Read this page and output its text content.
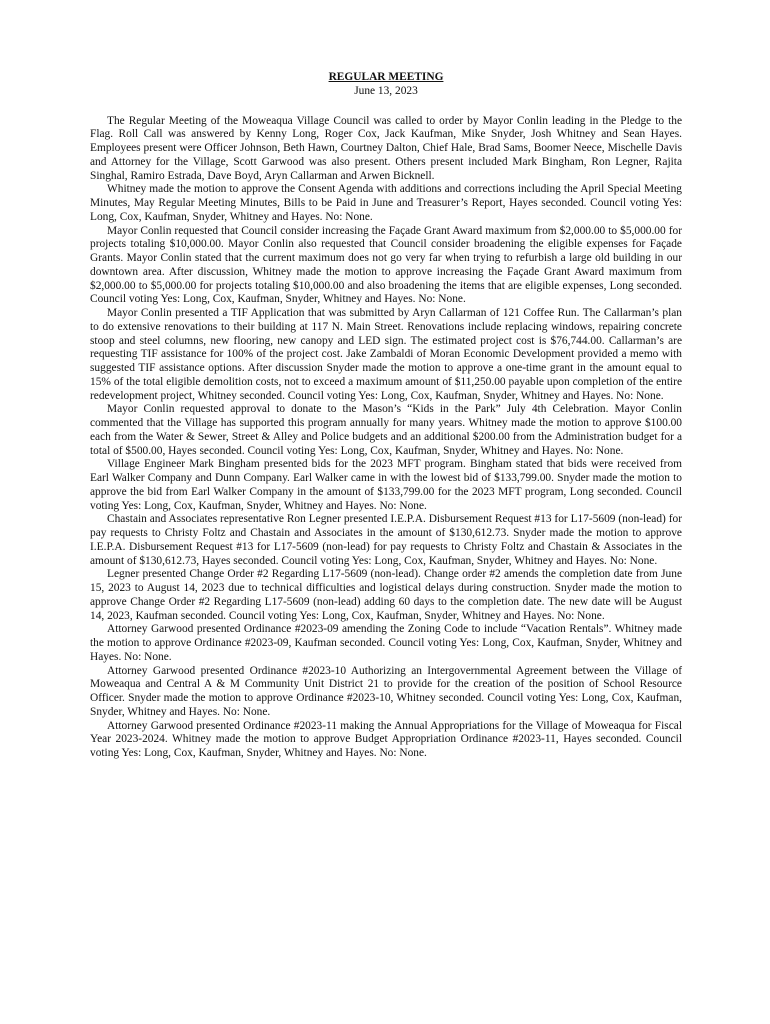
REGULAR MEETING

June 13, 2023

The Regular Meeting of the Moweaqua Village Council was called to order by Mayor Conlin leading in the Pledge to the Flag. Roll Call was answered by Kenny Long, Roger Cox, Jack Kaufman, Mike Snyder, Josh Whitney and Sean Hayes. Employees present were Officer Johnson, Beth Hawn, Courtney Dalton, Chief Hale, Brad Sams, Boomer Neece, Mischelle Davis and Attorney for the Village, Scott Garwood was also present. Others present included Mark Bingham, Ron Legner, Rajita Singhal, Ramiro Estrada, Dave Boyd, Aryn Callarman and Arwen Bicknell.

Whitney made the motion to approve the Consent Agenda with additions and corrections including the April Special Meeting Minutes, May Regular Meeting Minutes, Bills to be Paid in June and Treasurer’s Report, Hayes seconded. Council voting Yes: Long, Cox, Kaufman, Snyder, Whitney and Hayes. No: None.

Mayor Conlin requested that Council consider increasing the Façade Grant Award maximum from $2,000.00 to $5,000.00 for projects totaling $10,000.00. Mayor Conlin also requested that Council consider broadening the eligible expenses for Façade Grants. Mayor Conlin stated that the current maximum does not go very far when trying to refurbish a large old building in our downtown area. After discussion, Whitney made the motion to approve increasing the Façade Grant Award maximum from $2,000.00 to $5,000.00 for projects totaling $10,000.00 and also broadening the items that are eligible expenses, Long seconded. Council voting Yes: Long, Cox, Kaufman, Snyder, Whitney and Hayes. No: None.

Mayor Conlin presented a TIF Application that was submitted by Aryn Callarman of 121 Coffee Run. The Callarman’s plan to do extensive renovations to their building at 117 N. Main Street. Renovations include replacing windows, repairing concrete stoop and steel columns, new flooring, new canopy and LED sign. The estimated project cost is $76,744.00. Callarman’s are requesting TIF assistance for 100% of the project cost. Jake Zambaldi of Moran Economic Development provided a memo with suggested TIF assistance options. After discussion Snyder made the motion to approve a one-time grant in the amount equal to 15% of the total eligible demolition costs, not to exceed a maximum amount of $11,250.00 payable upon completion of the entire redevelopment project, Whitney seconded. Council voting Yes: Long, Cox, Kaufman, Snyder, Whitney and Hayes. No: None.

Mayor Conlin requested approval to donate to the Mason’s “Kids in the Park” July 4th Celebration. Mayor Conlin commented that the Village has supported this program annually for many years. Whitney made the motion to approve $100.00 each from the Water & Sewer, Street & Alley and Police budgets and an additional $200.00 from the Administration budget for a total of $500.00, Hayes seconded. Council voting Yes: Long, Cox, Kaufman, Snyder, Whitney and Hayes. No: None.

Village Engineer Mark Bingham presented bids for the 2023 MFT program. Bingham stated that bids were received from Earl Walker Company and Dunn Company. Earl Walker came in with the lowest bid of $133,799.00. Snyder made the motion to approve the bid from Earl Walker Company in the amount of $133,799.00 for the 2023 MFT program, Long seconded. Council voting Yes: Long, Cox, Kaufman, Snyder, Whitney and Hayes. No: None.

Chastain and Associates representative Ron Legner presented I.E.P.A. Disbursement Request #13 for L17-5609 (non-lead) for pay requests to Christy Foltz and Chastain and Associates in the amount of $130,612.73. Snyder made the motion to approve I.E.P.A. Disbursement Request #13 for L17-5609 (non-lead) for pay requests to Christy Foltz and Chastain & Associates in the amount of $130,612.73, Hayes seconded. Council voting Yes: Long, Cox, Kaufman, Snyder, Whitney and Hayes. No: None.

Legner presented Change Order #2 Regarding L17-5609 (non-lead). Change order #2 amends the completion date from June 15, 2023 to August 14, 2023 due to technical difficulties and logistical delays during construction. Snyder made the motion to approve Change Order #2 Regarding L17-5609 (non-lead) adding 60 days to the completion date. The new date will be August 14, 2023, Kaufman seconded. Council voting Yes: Long, Cox, Kaufman, Snyder, Whitney and Hayes. No: None.

Attorney Garwood presented Ordinance #2023-09 amending the Zoning Code to include “Vacation Rentals”. Whitney made the motion to approve Ordinance #2023-09, Kaufman seconded. Council voting Yes: Long, Cox, Kaufman, Snyder, Whitney and Hayes. No: None.

Attorney Garwood presented Ordinance #2023-10 Authorizing an Intergovernmental Agreement between the Village of Moweaqua and Central A & M Community Unit District 21 to provide for the creation of the position of School Resource Officer. Snyder made the motion to approve Ordinance #2023-10, Whitney seconded. Council voting Yes: Long, Cox, Kaufman, Snyder, Whitney and Hayes. No: None.

Attorney Garwood presented Ordinance #2023-11 making the Annual Appropriations for the Village of Moweaqua for Fiscal Year 2023-2024. Whitney made the motion to approve Budget Appropriation Ordinance #2023-11, Hayes seconded. Council voting Yes: Long, Cox, Kaufman, Snyder, Whitney and Hayes. No: None.
